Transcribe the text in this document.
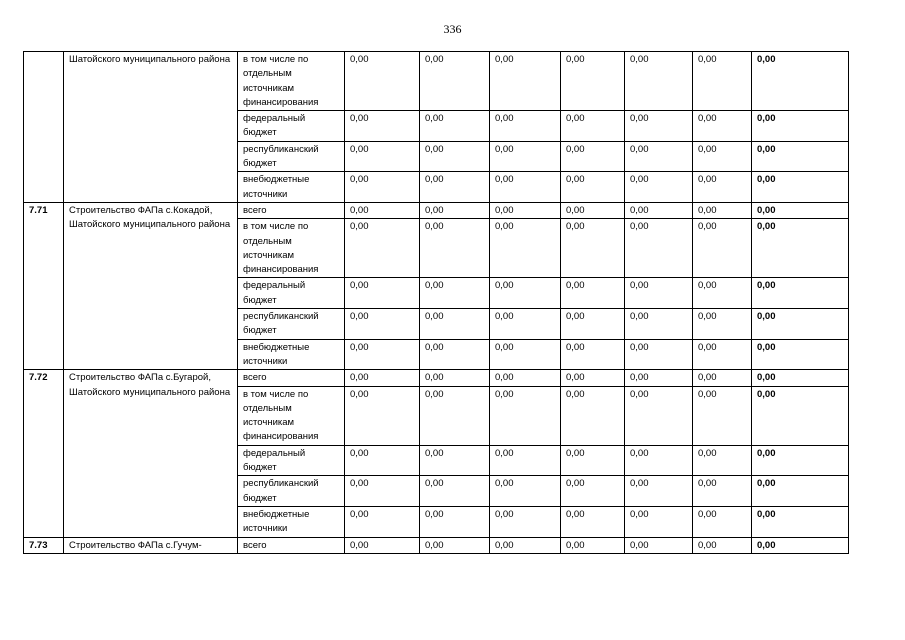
336
	Шатойского муниципального района	в том числе по отдельным источникам финансирования	0,00	0,00	0,00	0,00	0,00	0,00	0,00
		федеральный бюджет	0,00	0,00	0,00	0,00	0,00	0,00	0,00
		республиканский бюджет	0,00	0,00	0,00	0,00	0,00	0,00	0,00
		внебюджетные источники	0,00	0,00	0,00	0,00	0,00	0,00	0,00
7.71	Строительство ФАПа с.Кокадой, Шатойского муниципального района	всего	0,00	0,00	0,00	0,00	0,00	0,00	0,00
		в том числе по отдельным источникам финансирования	0,00	0,00	0,00	0,00	0,00	0,00	0,00
		федеральный бюджет	0,00	0,00	0,00	0,00	0,00	0,00	0,00
		республиканский бюджет	0,00	0,00	0,00	0,00	0,00	0,00	0,00
		внебюджетные источники	0,00	0,00	0,00	0,00	0,00	0,00	0,00
7.72	Строительство ФАПа с.Бугарой, Шатойского муниципального района	всего	0,00	0,00	0,00	0,00	0,00	0,00	0,00
		в том числе по отдельным источникам финансирования	0,00	0,00	0,00	0,00	0,00	0,00	0,00
		федеральный бюджет	0,00	0,00	0,00	0,00	0,00	0,00	0,00
		республиканский бюджет	0,00	0,00	0,00	0,00	0,00	0,00	0,00
		внебюджетные источники	0,00	0,00	0,00	0,00	0,00	0,00	0,00
7.73	Строительство ФАПа с.Гучум-	всего	0,00	0,00	0,00	0,00	0,00	0,00	0,00
